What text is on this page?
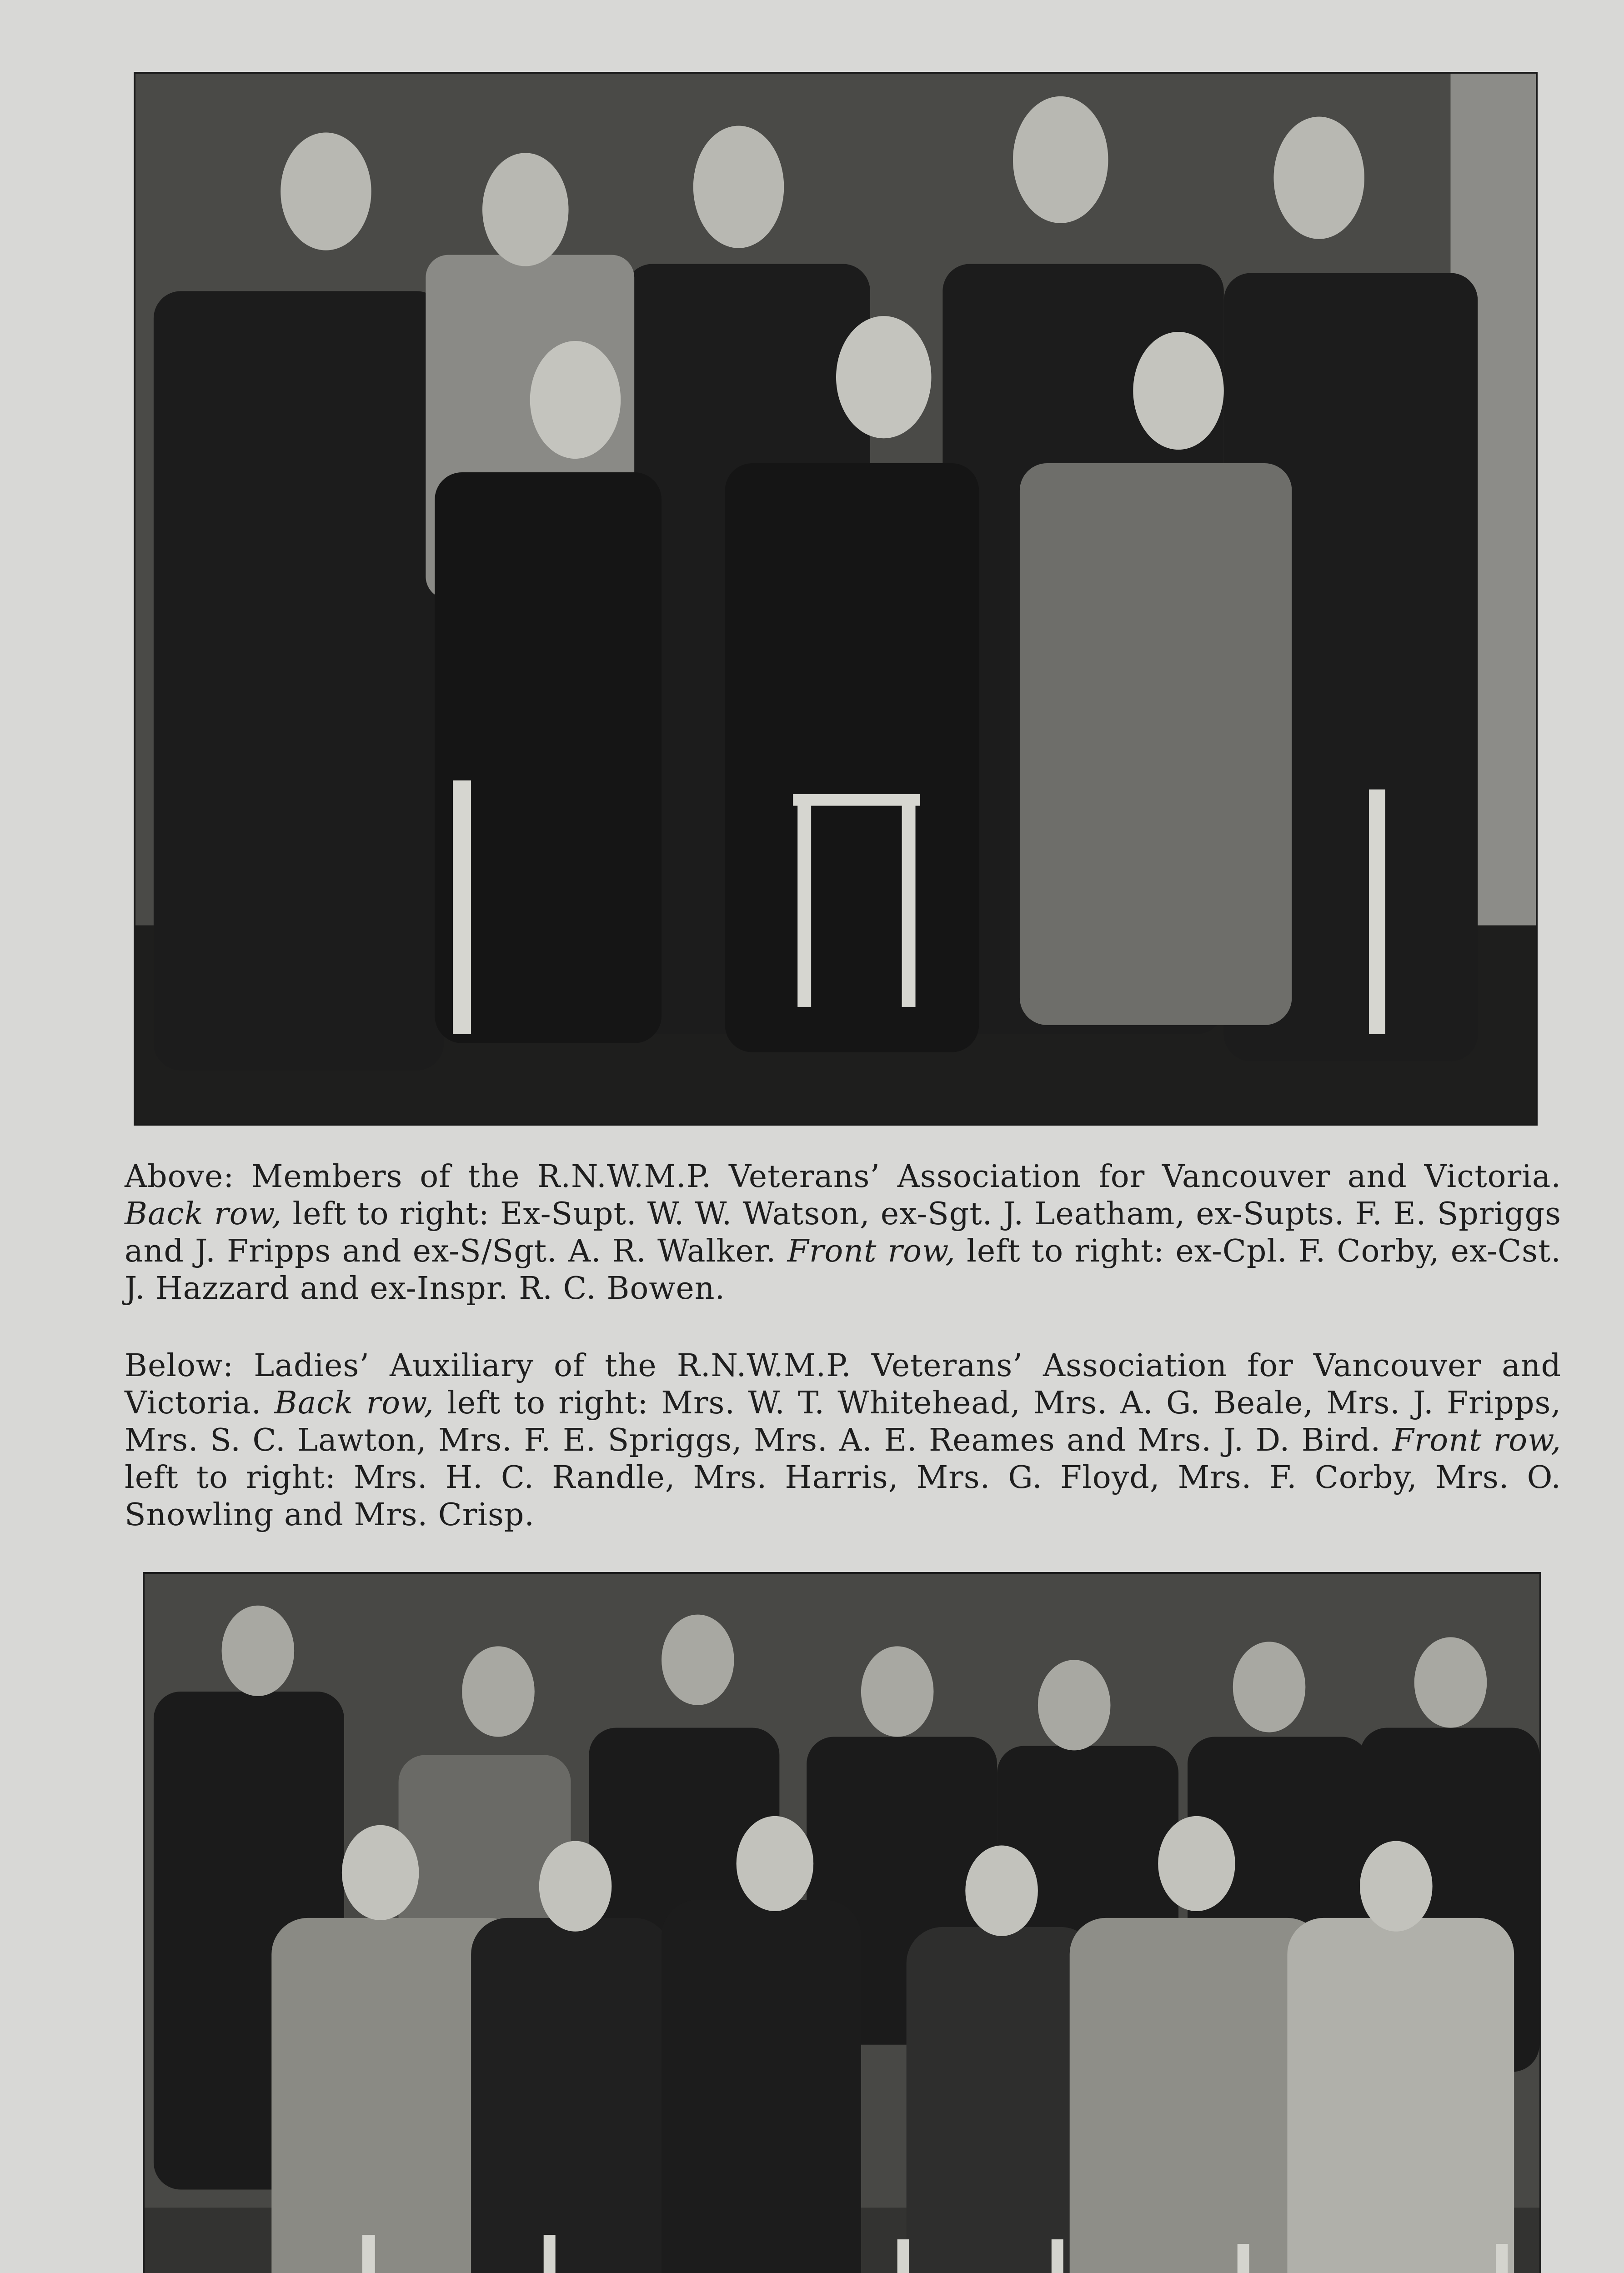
Above: Members of the R.N.W.M.P. Veterans’ Association for Vancouver and Victoria. Back row, left to right: Ex-Supt. W. W. Watson, ex-Sgt. J. Leatham, ex-Supts. F. E. Spriggs and J. Fripps and ex-S/Sgt. A. R. Walker. Front row, left to right: ex-Cpl. F. Corby, ex-Cst. J. Hazzard and ex-Inspr. R. C. Bowen.

Below: Ladies’ Auxiliary of the R.N.W.M.P. Veterans’ Association for Vancouver and Victoria. Back row, left to right: Mrs. W. T. Whitehead, Mrs. A. G. Beale, Mrs. J. Fripps, Mrs. S. C. Lawton, Mrs. F. E. Spriggs, Mrs. A. E. Reames and Mrs. J. D. Bird. Front row, left to right: Mrs. H. C. Randle, Mrs. Harris, Mrs. G. Floyd, Mrs. F. Corby, Mrs. O. Snowling and Mrs. Crisp.
